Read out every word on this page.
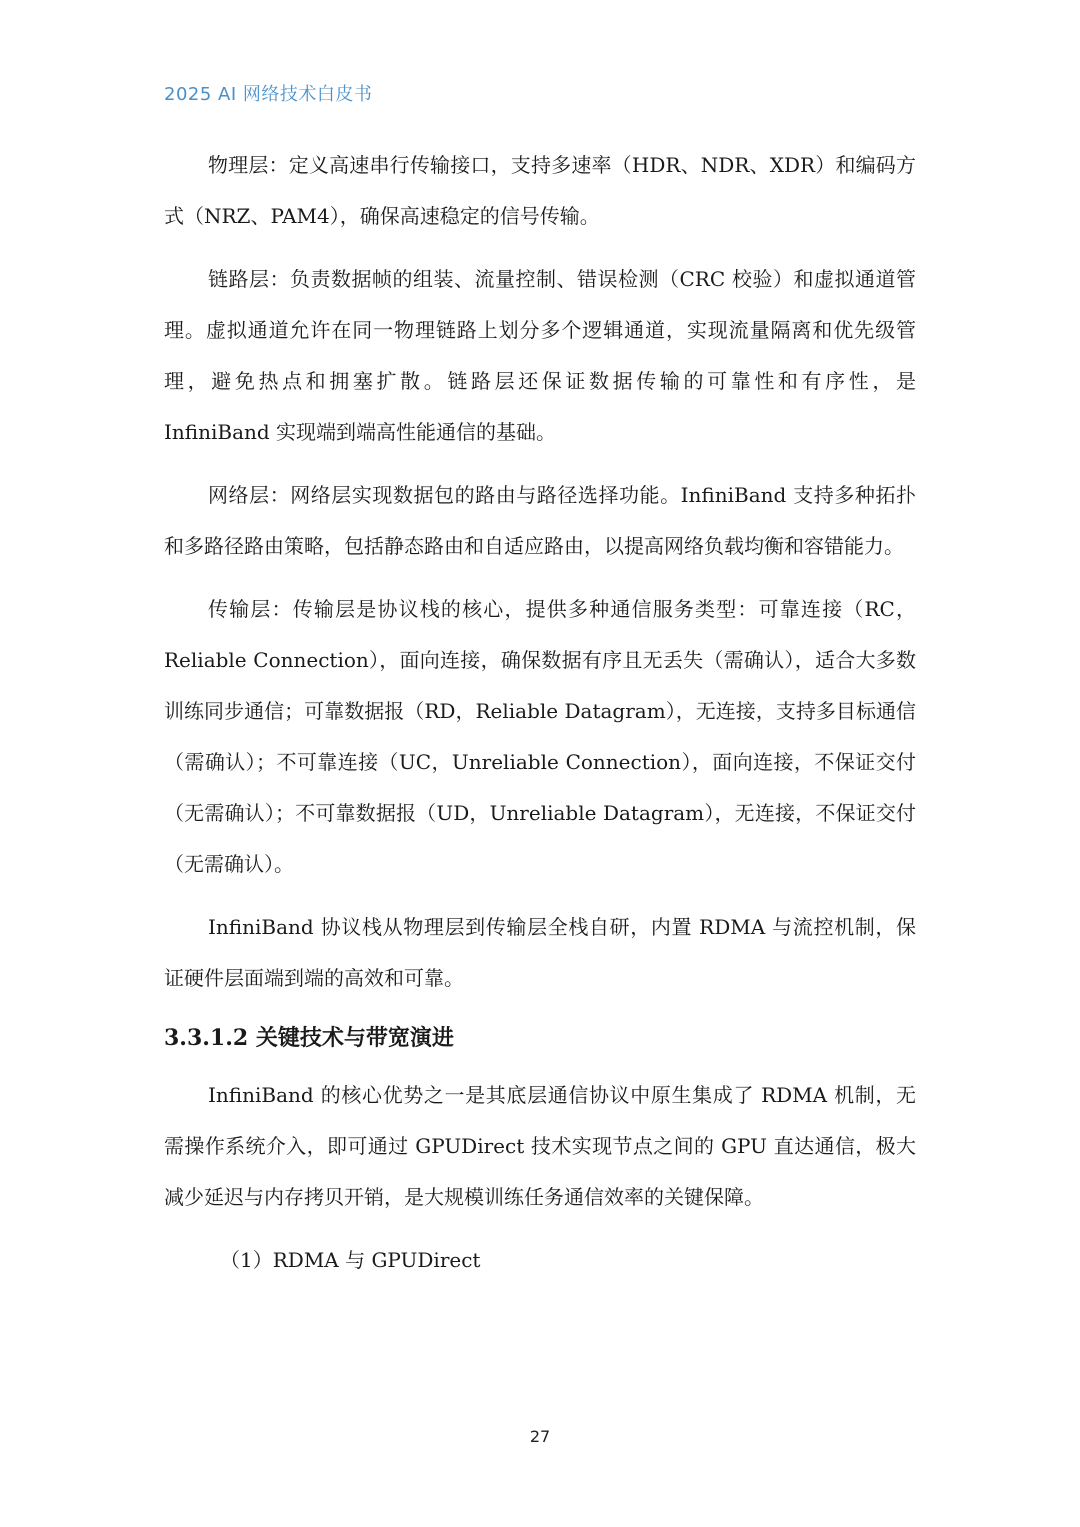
2025 AI 网络技术白皮书

物理层：定义高速串行传输接口，支持多速率（HDR、NDR、XDR）和编码方式（NRZ、PAM4），确保高速稳定的信号传输。

链路层：负责数据帧的组装、流量控制、错误检测（CRC 校验）和虚拟通道管理。虚拟通道允许在同一物理链路上划分多个逻辑通道，实现流量隔离和优先级管理，避免热点和拥塞扩散。链路层还保证数据传输的可靠性和有序性，是 InfiniBand 实现端到端高性能通信的基础。

网络层：网络层实现数据包的路由与路径选择功能。InfiniBand 支持多种拓扑和多路径路由策略，包括静态路由和自适应路由，以提高网络负载均衡和容错能力。

传输层：传输层是协议栈的核心，提供多种通信服务类型：可靠连接（RC，Reliable Connection），面向连接，确保数据有序且无丢失（需确认），适合大多数训练同步通信；可靠数据报（RD，Reliable Datagram），无连接，支持多目标通信（需确认）；不可靠连接（UC，Unreliable Connection），面向连接，不保证交付（无需确认）；不可靠数据报（UD，Unreliable Datagram），无连接，不保证交付（无需确认）。

InfiniBand 协议栈从物理层到传输层全栈自研，内置 RDMA 与流控机制，保证硬件层面端到端的高效和可靠。

3.3.1.2 关键技术与带宽演进

InfiniBand 的核心优势之一是其底层通信协议中原生集成了 RDMA 机制，无需操作系统介入，即可通过 GPUDirect 技术实现节点之间的 GPU 直达通信，极大减少延迟与内存拷贝开销，是大规模训练任务通信效率的关键保障。

（1）RDMA 与 GPUDirect

27
